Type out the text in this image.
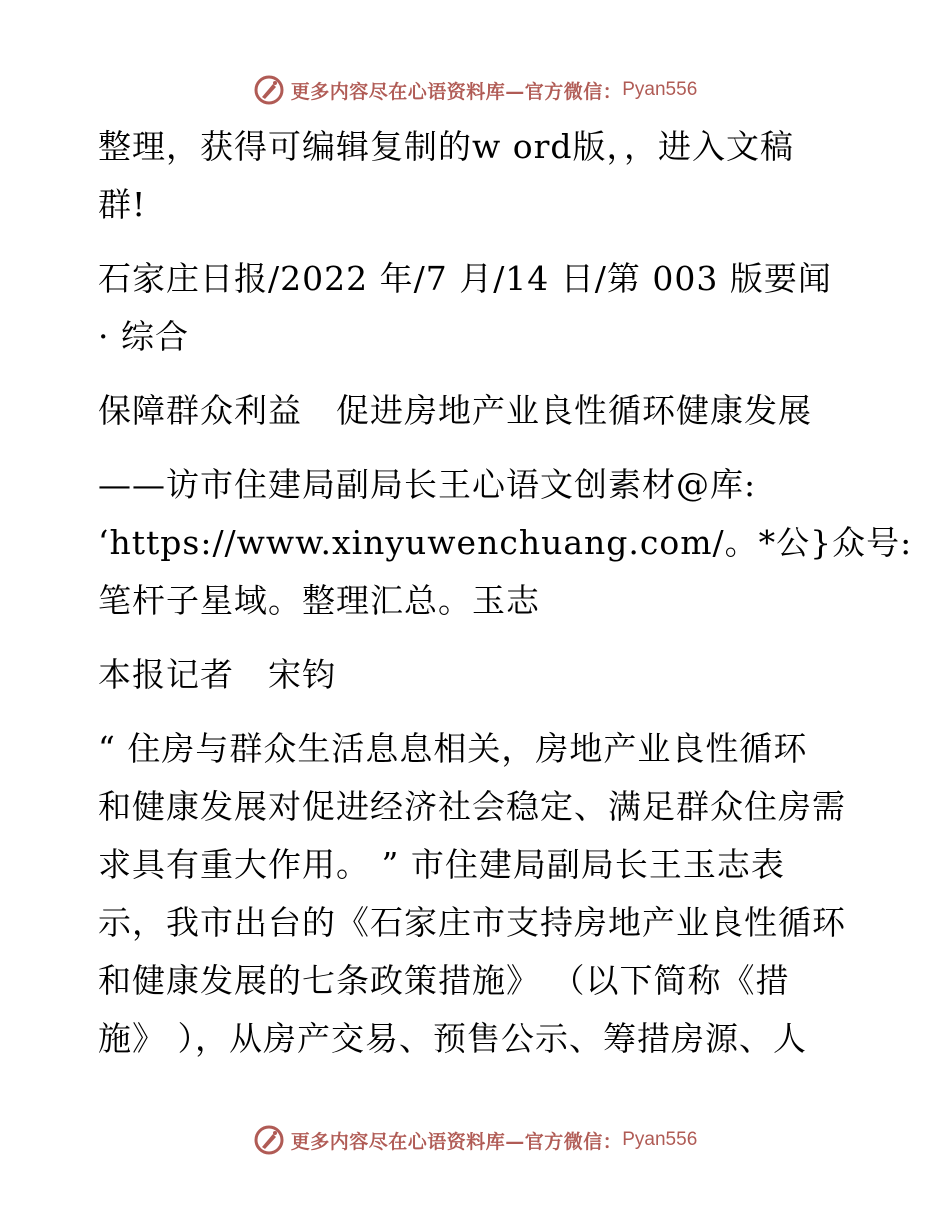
更多内容尽在心语资料库—官方微信： Pyan556
整理，获得可编辑复制的w ord版，，进入文稿
群!
石家庄日报/2022 年/7 月/14 日/第 003 版要闻
· 综合
保障群众利益　促进房地产业良性循环健康发展
——访市住建局副局长王心语文创素材@库:
‘https://www.xinyuwenchuang.com/。*公}众号:
笔杆子星域。整理汇总。玉志
本报记者　宋钧
“ 住房与群众生活息息相关，房地产业良性循环
和健康发展对促进经济社会稳定、满足群众住房需
求具有重大作用。 ” 市住建局副局长王玉志表
示，我市出台的《石家庄市支持房地产业良性循环
和健康发展的七条政策措施》 （以下简称《措
施》 ），从房产交易、预售公示、筹措房源、人
更多内容尽在心语资料库—官方微信： Pyan556
